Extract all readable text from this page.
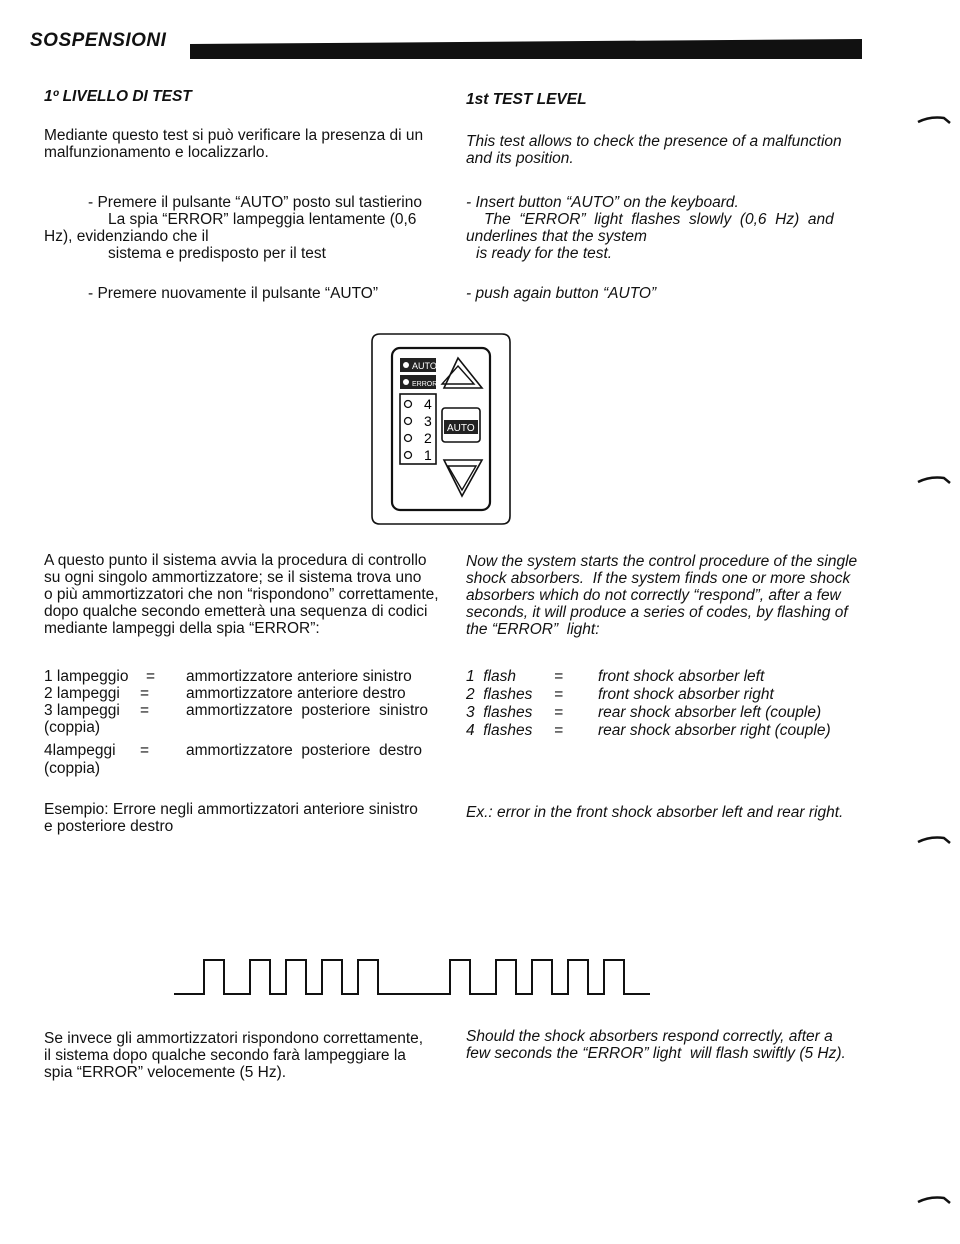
SOSPENSIONI
1º LIVELLO DI TEST
Mediante questo test si può verificare la presenza di un
malfunzionamento e localizzarlo.
- Premere il pulsante “AUTO” posto sul tastierino
La spia “ERROR” lampeggia lentamente (0,6
Hz), evidenziando che il
sistema e predisposto per il test
- Premere nuovamente il pulsante “AUTO”
1st TEST LEVEL
This test allows to check the presence of a malfunction
and its position.
- Insert button “AUTO” on the keyboard.
The  “ERROR”  light  flashes  slowly  (0,6  Hz)  and
underlines that the system
is ready for the test.
- push again button “AUTO”
AUTO
ERROR
4
3
2
1
AUTO
A questo punto il sistema avvia la procedura di controllo
su ogni singolo ammortizzatore; se il sistema trova uno
o più ammortizzatori che non “rispondono” correttamente,
dopo qualche secondo emetterà una sequenza di codici
mediante lampeggi della spia “ERROR”:
Now the system starts the control procedure of the single
shock absorbers.  If the system finds one or more shock
absorbers which do not correctly “respond”, after a few
seconds, it will produce a series of codes, by flashing of
the “ERROR”  light:
1 lampeggio = ammortizzatore anteriore sinistro
2 lampeggi = ammortizzatore anteriore destro
3 lampeggi = ammortizzatore  posteriore  sinistro
(coppia)
4lampeggi = ammortizzatore  posteriore  destro
(coppia)
1  flash = front shock absorber left
2  flashes = front shock absorber right
3  flashes = rear shock absorber left (couple)
4  flashes = rear shock absorber right (couple)
Esempio: Errore negli ammortizzatori anteriore sinistro
e posteriore destro
Ex.: error in the front shock absorber left and rear right.
Se invece gli ammortizzatori rispondono correttamente,
il sistema dopo qualche secondo farà lampeggiare la
spia “ERROR” velocemente (5 Hz).
Should the shock absorbers respond correctly, after a
few seconds the “ERROR” light  will flash swiftly (5 Hz).
